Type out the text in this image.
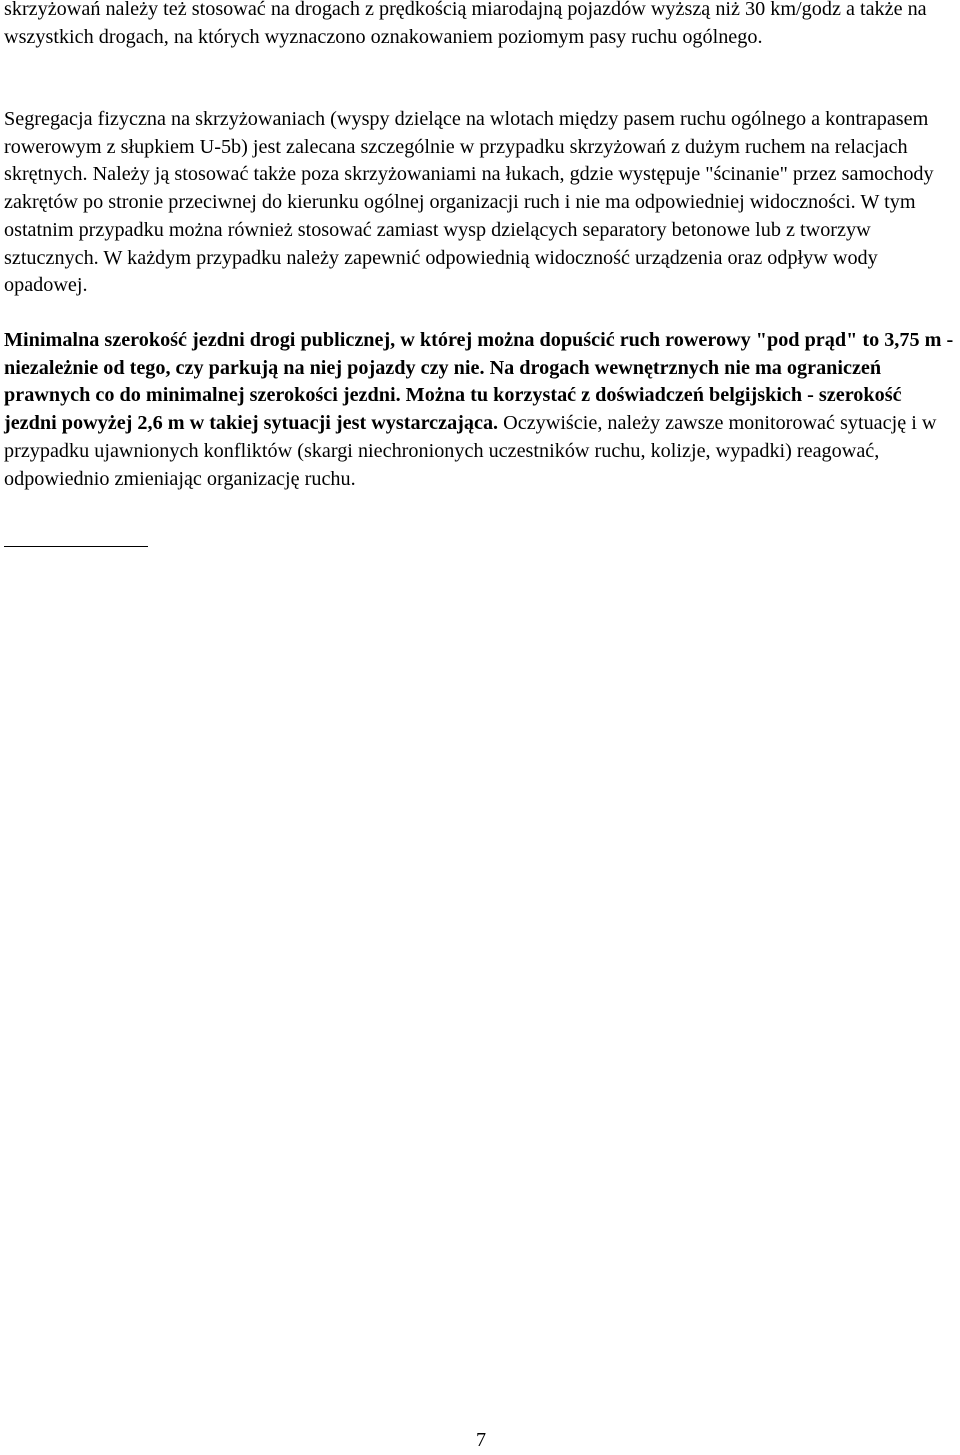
skrzyżowań należy też stosować na drogach z prędkością miarodajną pojazdów wyższą niż 30 km/godz a także na wszystkich drogach, na których wyznaczono oznakowaniem poziomym pasy ruchu ogólnego.

Segregacja fizyczna na skrzyżowaniach (wyspy dzielące na wlotach między pasem ruchu ogólnego a kontrapasem rowerowym z słupkiem U-5b) jest zalecana szczególnie w przypadku skrzyżowań z dużym ruchem na relacjach skrętnych. Należy ją stosować także poza skrzyżowaniami na łukach, gdzie występuje "ścinanie" przez samochody zakrętów po stronie przeciwnej do kierunku ogólnej organizacji ruch i nie ma odpowiedniej widoczności. W tym ostatnim przypadku można również stosować zamiast wysp dzielących separatory betonowe lub z tworzyw sztucznych. W każdym przypadku należy zapewnić odpowiednią widoczność urządzenia oraz odpływ wody opadowej.

Minimalna szerokość jezdni drogi publicznej, w której można dopuścić ruch rowerowy "pod prąd" to 3,75 m - niezależnie od tego, czy parkują na niej pojazdy czy nie. Na drogach wewnętrznych nie ma ograniczeń prawnych co do minimalnej szerokości jezdni. Można tu korzystać z doświadczeń belgijskich - szerokość jezdni powyżej 2,6 m w takiej sytuacji jest wystarczająca. Oczywiście, należy zawsze monitorować sytuację i w przypadku ujawnionych konfliktów (skargi niechronionych uczestników ruchu, kolizje, wypadki) reagować, odpowiednio zmieniając organizację ruchu.

7
